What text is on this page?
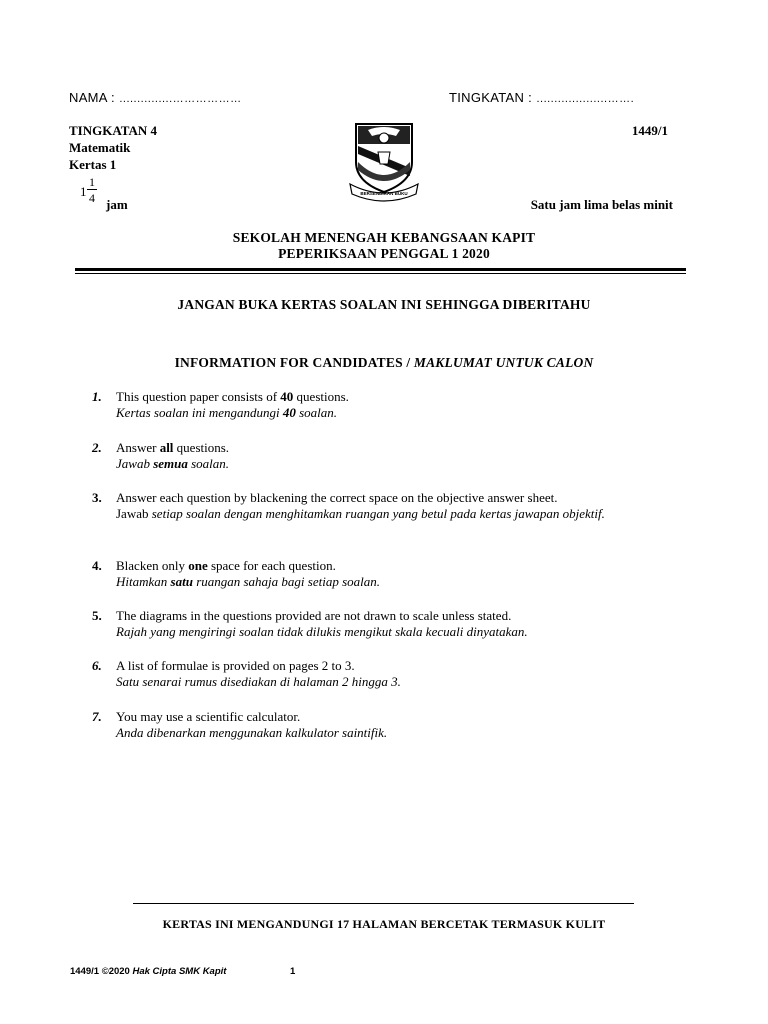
NAMA : ...............………………	TINGKATAN : ....................…….
TINGKATAN 4
Matematik
Kertas 1
1
1
4 jam
1449/1
Satu jam lima belas minit
BERSENDIKAN BUKU
SEKOLAH MENENGAH KEBANGSAAN KAPIT
PEPERIKSAAN PENGGAL 1 2020
JANGAN BUKA KERTAS SOALAN INI SEHINGGA DIBERITAHU
INFORMATION FOR CANDIDATES / MAKLUMAT UNTUK CALON
1. This question paper consists of 40 questions.
Kertas soalan ini mengandungi 40 soalan.
2. Answer all questions.
Jawab semua soalan.
3. Answer each question by blackening the correct space on the objective answer sheet.
Jawab setiap soalan dengan menghitamkan ruangan yang betul pada kertas jawapan objektif.
4. Blacken only one space for each question.
Hitamkan satu ruangan sahaja bagi setiap soalan.
5. The diagrams in the questions provided are not drawn to scale unless stated.
Rajah yang mengiringi soalan tidak dilukis mengikut skala kecuali dinyatakan.
6. A list of formulae is provided on pages 2 to 3.
Satu senarai rumus disediakan di halaman 2 hingga 3.
7. You may use a scientific calculator.
Anda dibenarkan menggunakan kalkulator saintifik.
KERTAS INI MENGANDUNGI 17 HALAMAN BERCETAK TERMASUK KULIT
1449/1 ©2020 Hak Cipta SMK Kapit	1
